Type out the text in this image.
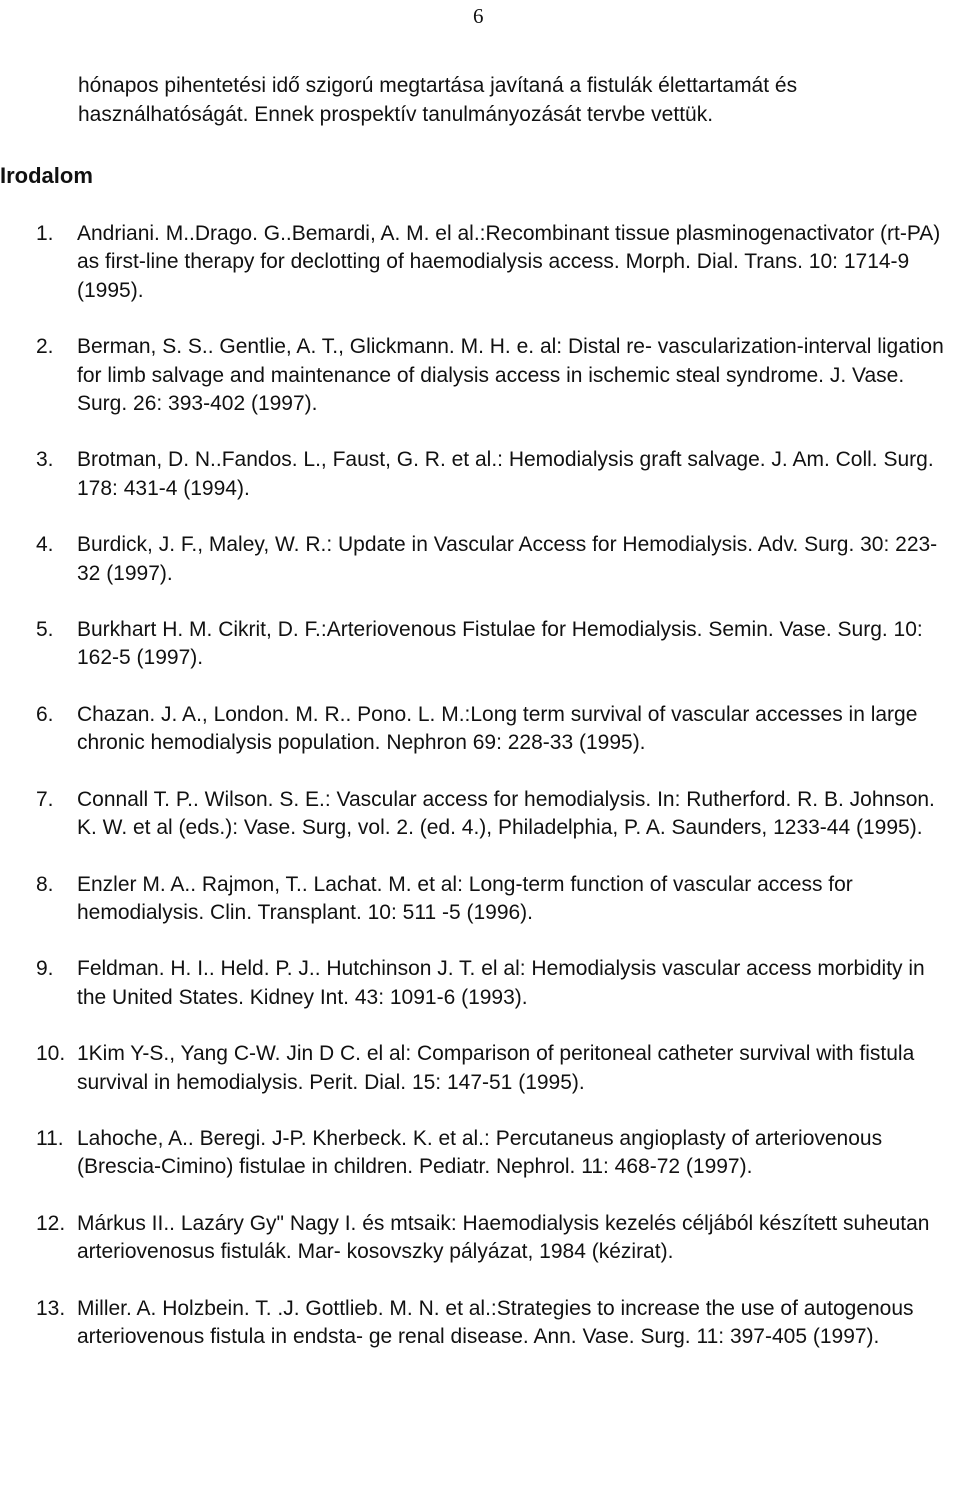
6

hónapos pihentetési idő szigorú megtartása javítaná a fistulák élettartamát és használhatóságát. Ennek prospektív tanulmányozását tervbe vettük.

Irodalom
1. Andriani. M..Drago. G..Bemardi, A. M. el al.:Recombinant tissue plasminogenactivator (rt-PA) as first-line therapy for declotting of haemodialysis access. Morph. Dial. Trans. 10: 1714-9 (1995).
2. Berman, S. S.. Gentlie, A. T., Glickmann. M. H. e. al: Distal re- vascularization-interval ligation for limb salvage and maintenance of dialysis access in ischemic steal syndrome. J. Vase. Surg. 26: 393-402 (1997).
3. Brotman, D. N..Fandos. L., Faust, G. R. et al.: Hemodialysis graft salvage. J. Am. Coll. Surg. 178: 431-4 (1994).
4. Burdick, J. F., Maley, W. R.: Update in Vascular Access for Hemodialysis. Adv. Surg. 30: 223-32 (1997).
5. Burkhart H. M. Cikrit, D. F.:Arteriovenous Fistulae for Hemodialysis. Semin. Vase. Surg. 10: 162-5 (1997).
6. Chazan. J. A., London. M. R.. Pono. L. M.:Long term survival of vascular accesses in large chronic hemodialysis population. Nephron 69: 228-33 (1995).
7. Connall T. P.. Wilson. S. E.: Vascular access for hemodialysis. In: Rutherford. R. B. Johnson. K. W. et al (eds.): Vase. Surg, vol. 2. (ed. 4.), Philadelphia, P. A. Saunders, 1233-44 (1995).
8. Enzler M. A.. Rajmon, T.. Lachat. M. et al: Long-term function of vascular access for hemodialysis. Clin. Transplant. 10: 511 -5 (1996).
9. Feldman. H. I.. Held. P. J.. Hutchinson J. T. el al: Hemodialysis vascular access morbidity in the United States. Kidney Int. 43: 1091-6 (1993).
10. 1Kim Y-S., Yang C-W. Jin D C. el al: Comparison of peritoneal catheter survival with fistula survival in hemodialysis. Perit. Dial. 15: 147-51 (1995).
11. Lahoche, A.. Beregi. J-P. Kherbeck. K. et al.: Percutaneus angioplasty of arteriovenous (Brescia-Cimino) fistulae in children. Pediatr. Nephrol. 11: 468-72 (1997).
12. Márkus II.. Lazáry Gy" Nagy I. és mtsaik: Haemodialysis kezelés céljából készített suheutan arteriovenosus fistulák. Mar- kosovszky pályázat, 1984 (kézirat).
13. Miller. A. Holzbein. T. .J. Gottlieb. M. N. et al.:Strategies to increase the use of autogenous arteriovenous fistula in endsta- ge renal disease. Ann. Vase. Surg. 11: 397-405 (1997).
